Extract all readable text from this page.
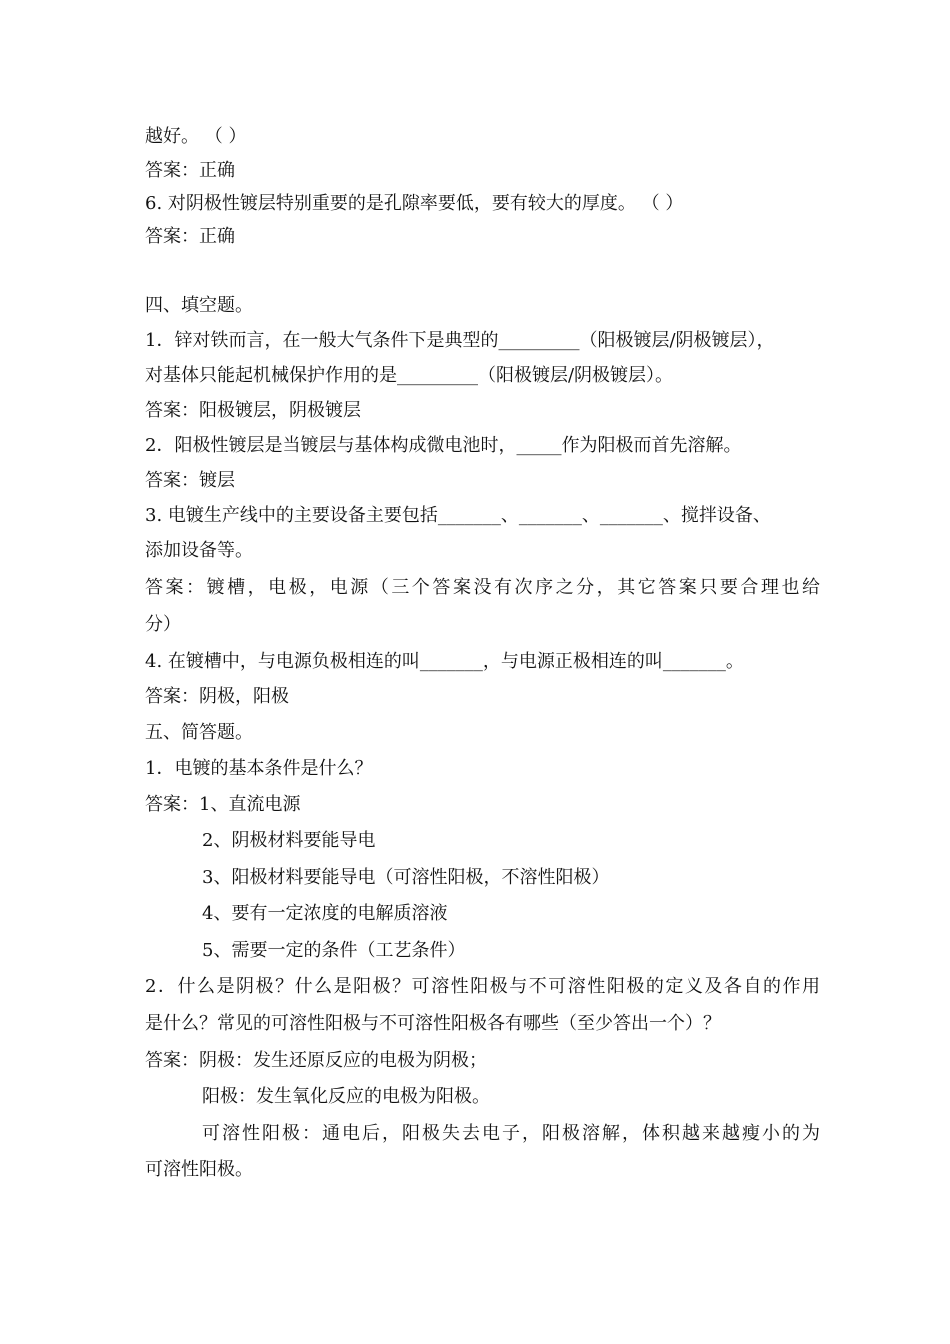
越好。 （ ）
答案：正确
6. 对阴极性镀层特别重要的是孔隙率要低，要有较大的厚度。 （ ）
答案：正确
四、填空题。
1．锌对铁而言，在一般大气条件下是典型的_________（阳极镀层/阴极镀层），
对基体只能起机械保护作用的是_________（阳极镀层/阴极镀层）。
答案：阳极镀层，阴极镀层
2．阳极性镀层是当镀层与基体构成微电池时，_____作为阳极而首先溶解。
答案：镀层
3. 电镀生产线中的主要设备主要包括_______、_______、_______、搅拌设备、
添加设备等。
答案：镀槽，电极，电源（三个答案没有次序之分，其它答案只要合理也给
分）
4. 在镀槽中，与电源负极相连的叫_______，与电源正极相连的叫_______。
答案：阴极，阳极
五、简答题。
1．电镀的基本条件是什么？
答案：1、直流电源
2、阴极材料要能导电
3、阳极材料要能导电（可溶性阳极，不溶性阳极）
4、要有一定浓度的电解质溶液
5、需要一定的条件（工艺条件）
2．什么是阴极？什么是阳极？可溶性阳极与不可溶性阳极的定义及各自的作用
是什么？常见的可溶性阳极与不可溶性阳极各有哪些（至少答出一个）？
答案：阴极：发生还原反应的电极为阴极；
阳极：发生氧化反应的电极为阳极。
可溶性阳极：通电后，阳极失去电子，阳极溶解，体积越来越瘦小的为
可溶性阳极。
